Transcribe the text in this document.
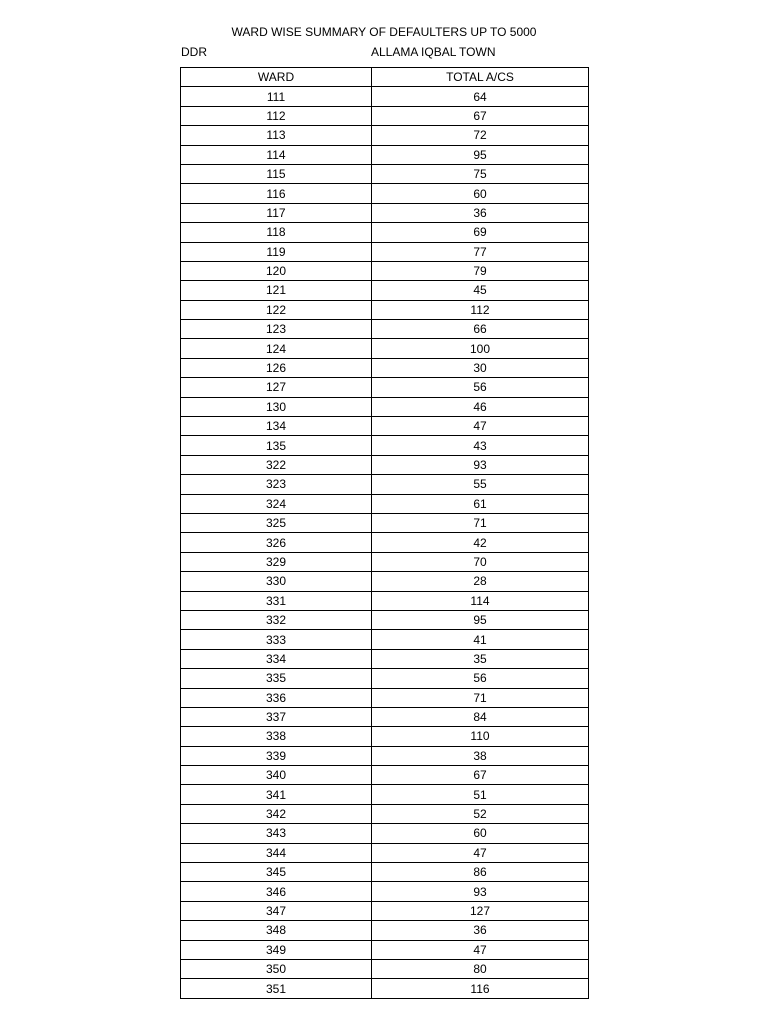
WARD WISE SUMMARY OF DEFAULTERS UP TO 5000
DDR	ALLAMA IQBAL TOWN
WARD	TOTAL A/CS
111	64
112	67
113	72
114	95
115	75
116	60
117	36
118	69
119	77
120	79
121	45
122	112
123	66
124	100
126	30
127	56
130	46
134	47
135	43
322	93
323	55
324	61
325	71
326	42
329	70
330	28
331	114
332	95
333	41
334	35
335	56
336	71
337	84
338	110
339	38
340	67
341	51
342	52
343	60
344	47
345	86
346	93
347	127
348	36
349	47
350	80
351	116
